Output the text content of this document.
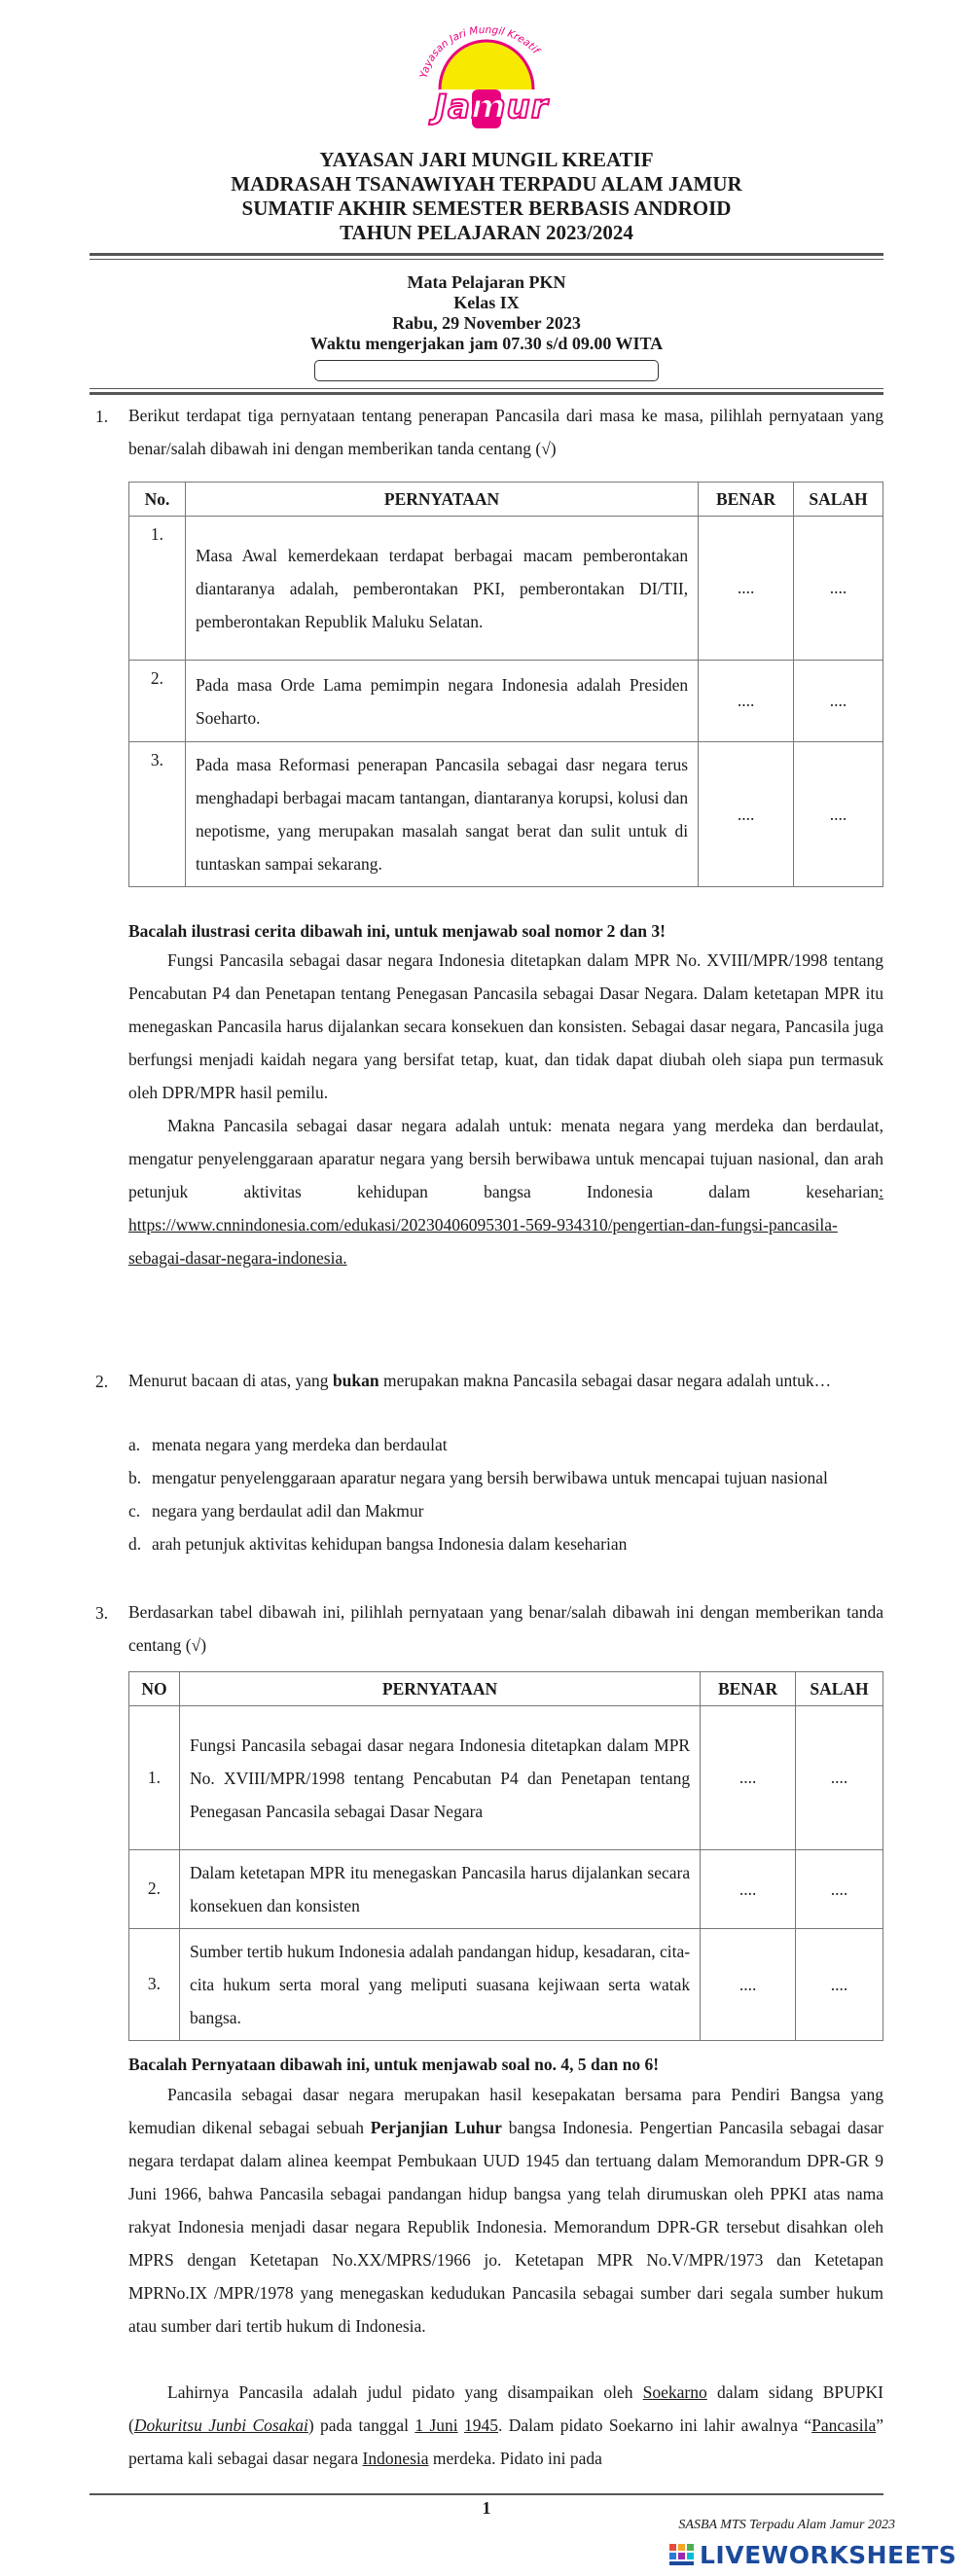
Yayasan Jari Mungil Kreatif
Jamur
YAYASAN JARI MUNGIL KREATIF
MADRASAH TSANAWIYAH TERPADU ALAM JAMUR
SUMATIF AKHIR SEMESTER BERBASIS ANDROID
TAHUN PELAJARAN 2023/2024
Mata Pelajaran PKN
Kelas IX
Rabu, 29 November 2023
Waktu mengerjakan jam 07.30 s/d 09.00 WITA
1. Berikut terdapat tiga pernyataan tentang penerapan Pancasila dari masa ke masa, pilihlah pernyataan yang benar/salah dibawah ini dengan memberikan tanda centang (√)
No.	PERNYATAAN	BENAR	SALAH
1.	Masa Awal kemerdekaan terdapat berbagai macam pemberontakan diantaranya adalah, pemberontakan PKI, pemberontakan DI/TII, pemberontakan Republik Maluku Selatan.	....	....
2.	Pada masa Orde Lama pemimpin negara Indonesia adalah Presiden Soeharto.	....	....
3.	Pada masa Reformasi penerapan Pancasila sebagai dasr negara terus menghadapi berbagai macam tantangan, diantaranya korupsi, kolusi dan nepotisme, yang merupakan masalah sangat berat dan sulit untuk di tuntaskan sampai sekarang.	....	....
Bacalah ilustrasi cerita dibawah ini, untuk menjawab soal nomor 2 dan 3!

Fungsi Pancasila sebagai dasar negara Indonesia ditetapkan dalam MPR No. XVIII/MPR/1998 tentang Pencabutan P4 dan Penetapan tentang Penegasan Pancasila sebagai Dasar Negara. Dalam ketetapan MPR itu menegaskan Pancasila harus dijalankan secara konsekuen dan konsisten. Sebagai dasar negara, Pancasila juga berfungsi menjadi kaidah negara yang bersifat tetap, kuat, dan tidak dapat diubah oleh siapa pun termasuk oleh DPR/MPR hasil pemilu.

Makna Pancasila sebagai dasar negara adalah untuk: menata negara yang merdeka dan berdaulat, mengatur penyelenggaraan aparatur negara yang bersih berwibawa untuk mencapai tujuan nasional, dan arah petunjuk aktivitas kehidupan bangsa Indonesia dalam keseharian: https://www.cnnindonesia.com/edukasi/20230406095301-569-934310/pengertian-dan-fungsi-pancasila-sebagai-dasar-negara-indonesia.

2. Menurut bacaan di atas, yang bukan merupakan makna Pancasila sebagai dasar negara adalah untuk…

a. menata negara yang merdeka dan berdaulat
b. mengatur penyelenggaraan aparatur negara yang bersih berwibawa untuk mencapai tujuan nasional
c. negara yang berdaulat adil dan Makmur
d. arah petunjuk aktivitas kehidupan bangsa Indonesia dalam keseharian
3. Berdasarkan tabel dibawah ini, pilihlah pernyataan yang benar/salah dibawah ini dengan memberikan tanda centang (√)

NO	PERNYATAAN	BENAR	SALAH
1.	Fungsi Pancasila sebagai dasar negara Indonesia ditetapkan dalam MPR No. XVIII/MPR/1998 tentang Pencabutan P4 dan Penetapan tentang Penegasan Pancasila sebagai Dasar Negara	....	....
2.	Dalam ketetapan MPR itu menegaskan Pancasila harus dijalankan secara konsekuen dan konsisten	....	....
3.	Sumber tertib hukum Indonesia adalah pandangan hidup, kesadaran, cita-cita hukum serta moral yang meliputi suasana kejiwaan serta watak bangsa.	....	....
Bacalah Pernyataan dibawah ini, untuk menjawab soal no. 4, 5 dan no 6!

Pancasila sebagai dasar negara merupakan hasil kesepakatan bersama para Pendiri Bangsa yang kemudian dikenal sebagai sebuah Perjanjian Luhur bangsa Indonesia. Pengertian Pancasila sebagai dasar negara terdapat dalam alinea keempat Pembukaan UUD 1945 dan tertuang dalam Memorandum DPR-GR 9 Juni 1966, bahwa Pancasila sebagai pandangan hidup bangsa yang telah dirumuskan oleh PPKI atas nama rakyat Indonesia menjadi dasar negara Republik Indonesia. Memorandum DPR-GR tersebut disahkan oleh MPRS dengan Ketetapan No.XX/MPRS/1966 jo. Ketetapan MPR No.V/MPR/1973 dan Ketetapan MPRNo.IX /MPR/1978 yang menegaskan kedudukan Pancasila sebagai sumber dari segala sumber hukum atau sumber dari tertib hukum di Indonesia.

Lahirnya Pancasila adalah judul pidato yang disampaikan oleh Soekarno dalam sidang BPUPKI (Dokuritsu Junbi Cosakai) pada tanggal 1 Juni 1945. Dalam pidato Soekarno ini lahir awalnya “Pancasila” pertama kali sebagai dasar negara Indonesia merdeka. Pidato ini pada

1
SASBA MTS Terpadu Alam Jamur 2023
LIVEWORKSHEETS
